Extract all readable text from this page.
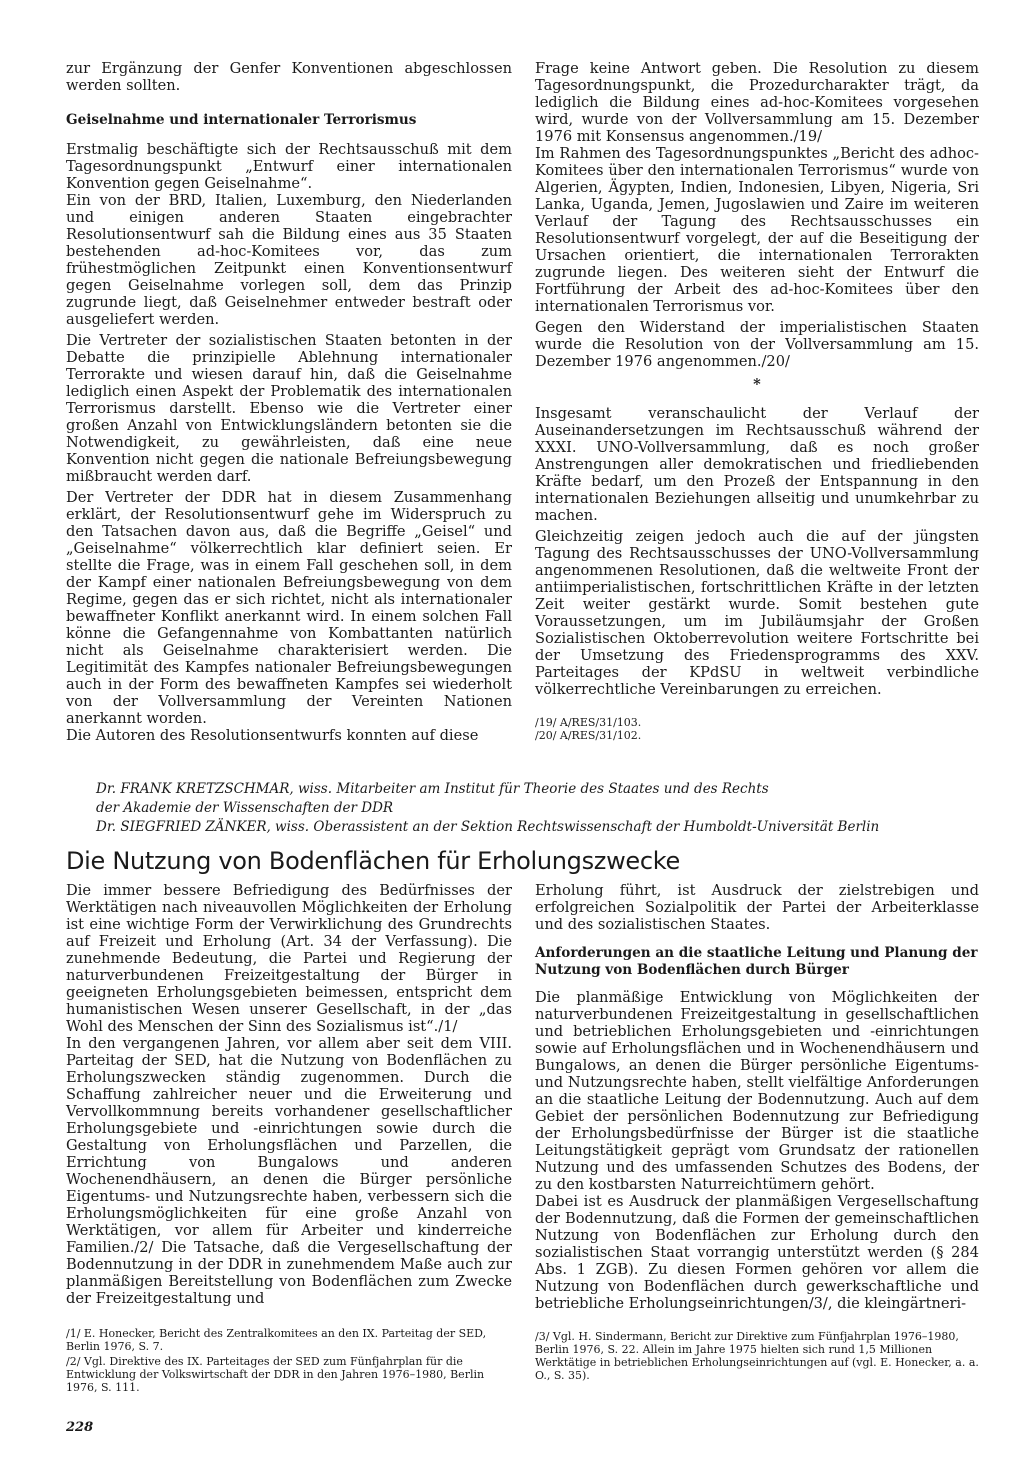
zur Ergänzung der Genfer Konventionen abgeschlossen werden sollten.

Geiselnahme und internationaler Terrorismus

Erstmalig beschäftigte sich der Rechtsausschuß mit dem Tagesordnungspunkt „Entwurf einer internationalen Konvention gegen Geiselnahme“.

Ein von der BRD, Italien, Luxemburg, den Niederlanden und einigen anderen Staaten eingebrachter Resolutionsentwurf sah die Bildung eines aus 35 Staaten bestehenden ad-hoc-Komitees vor, das zum frühestmöglichen Zeitpunkt einen Konventionsentwurf gegen Geiselnahme vorlegen soll, dem das Prinzip zugrunde liegt, daß Geiselnehmer entweder bestraft oder ausgeliefert werden.

Die Vertreter der sozialistischen Staaten betonten in der Debatte die prinzipielle Ablehnung internationaler Terrorakte und wiesen darauf hin, daß die Geiselnahme lediglich einen Aspekt der Problematik des internationalen Terrorismus darstellt. Ebenso wie die Vertreter einer großen Anzahl von Entwicklungsländern betonten sie die Notwendigkeit, zu gewährleisten, daß eine neue Konvention nicht gegen die nationale Befreiungsbewegung mißbraucht werden darf.

Der Vertreter der DDR hat in diesem Zusammenhang erklärt, der Resolutionsentwurf gehe im Widerspruch zu den Tatsachen davon aus, daß die Begriffe „Geisel“ und „Geiselnahme“ völkerrechtlich klar definiert seien. Er stellte die Frage, was in einem Fall geschehen soll, in dem der Kampf einer nationalen Befreiungsbewegung von dem Regime, gegen das er sich richtet, nicht als internationaler bewaffneter Konflikt anerkannt wird. In einem solchen Fall könne die Gefangennahme von Kombattanten natürlich nicht als Geiselnahme charakterisiert werden. Die Legitimität des Kampfes nationaler Befreiungsbewegungen auch in der Form des bewaffneten Kampfes sei wiederholt von der Vollversammlung der Vereinten Nationen anerkannt worden.

Die Autoren des Resolutionsentwurfs konnten auf diese

Frage keine Antwort geben. Die Resolution zu diesem Tagesordnungspunkt, die Prozedurcharakter trägt, da lediglich die Bildung eines ad-hoc-Komitees vorgesehen wird, wurde von der Vollversammlung am 15. Dezember 1976 mit Konsensus angenommen./19/

Im Rahmen des Tagesordnungspunktes „Bericht des adhoc-Komitees über den internationalen Terrorismus“ wurde von Algerien, Ägypten, Indien, Indonesien, Libyen, Nigeria, Sri Lanka, Uganda, Jemen, Jugoslawien und Zaire im weiteren Verlauf der Tagung des Rechtsausschusses ein Resolutionsentwurf vorgelegt, der auf die Beseitigung der Ursachen orientiert, die internationalen Terrorakten zugrunde liegen. Des weiteren sieht der Entwurf die Fortführung der Arbeit des ad-hoc-Komitees über den internationalen Terrorismus vor.

Gegen den Widerstand der imperialistischen Staaten wurde die Resolution von der Vollversammlung am 15. Dezember 1976 angenommen./20/

*

Insgesamt veranschaulicht der Verlauf der Auseinandersetzungen im Rechtsausschuß während der XXXI. UNO-Vollversammlung, daß es noch großer Anstrengungen aller demokratischen und friedliebenden Kräfte bedarf, um den Prozeß der Entspannung in den internationalen Beziehungen allseitig und unumkehrbar zu machen.

Gleichzeitig zeigen jedoch auch die auf der jüngsten Tagung des Rechtsausschusses der UNO-Vollversammlung angenommenen Resolutionen, daß die weltweite Front der antiimperialistischen, fortschrittlichen Kräfte in der letzten Zeit weiter gestärkt wurde. Somit bestehen gute Voraussetzungen, um im Jubiläumsjahr der Großen Sozialistischen Oktoberrevolution weitere Fortschritte bei der Umsetzung des Friedensprogramms des XXV. Parteitages der KPdSU in weltweit verbindliche völkerrechtliche Vereinbarungen zu erreichen.

/19/ A/RES/31/103.
/20/ A/RES/31/102.
Dr. FRANK KRETZSCHMAR, wiss. Mitarbeiter am Institut für Theorie des Staates und des Rechts
der Akademie der Wissenschaften der DDR
Dr. SIEGFRIED ZÄNKER, wiss. Oberassistent an der Sektion Rechtswissenschaft der Humboldt-Universität Berlin
Die Nutzung von Bodenflächen für Erholungszwecke

Die immer bessere Befriedigung des Bedürfnisses der Werktätigen nach niveauvollen Möglichkeiten der Erholung ist eine wichtige Form der Verwirklichung des Grundrechts auf Freizeit und Erholung (Art. 34 der Verfassung). Die zunehmende Bedeutung, die Partei und Regierung der naturverbundenen Freizeitgestaltung der Bürger in geeigneten Erholungsgebieten beimessen, entspricht dem humanistischen Wesen unserer Gesellschaft, in der „das Wohl des Menschen der Sinn des Sozialismus ist“./1/

In den vergangenen Jahren, vor allem aber seit dem VIII. Parteitag der SED, hat die Nutzung von Bodenflächen zu Erholungszwecken ständig zugenommen. Durch die Schaffung zahlreicher neuer und die Erweiterung und Vervollkommnung bereits vorhandener gesellschaftlicher Erholungsgebiete und -einrichtungen sowie durch die Gestaltung von Erholungsflächen und Parzellen, die Errichtung von Bungalows und anderen Wochenendhäusern, an denen die Bürger persönliche Eigentums- und Nutzungsrechte haben, verbessern sich die Erholungsmöglichkeiten für eine große Anzahl von Werktätigen, vor allem für Arbeiter und kinderreiche Familien./2/ Die Tatsache, daß die Vergesellschaftung der Bodennutzung in der DDR in zunehmendem Maße auch zur planmäßigen Bereitstellung von Bodenflächen zum Zwecke der Freizeitgestaltung und

/1/ E. Honecker, Bericht des Zentralkomitees an den IX. Parteitag der SED, Berlin 1976, S. 7.
/2/ Vgl. Direktive des IX. Parteitages der SED zum Fünfjahrplan für die Entwicklung der Volkswirtschaft der DDR in den Jahren 1976–1980, Berlin 1976, S. 111.

Erholung führt, ist Ausdruck der zielstrebigen und erfolgreichen Sozialpolitik der Partei der Arbeiterklasse und des sozialistischen Staates.

Anforderungen an die staatliche Leitung und Planung der Nutzung von Bodenflächen durch Bürger

Die planmäßige Entwicklung von Möglichkeiten der naturverbundenen Freizeitgestaltung in gesellschaftlichen und betrieblichen Erholungsgebieten und -einrichtungen sowie auf Erholungsflächen und in Wochenendhäusern und Bungalows, an denen die Bürger persönliche Eigentums- und Nutzungsrechte haben, stellt vielfältige Anforderungen an die staatliche Leitung der Bodennutzung. Auch auf dem Gebiet der persönlichen Bodennutzung zur Befriedigung der Erholungsbedürfnisse der Bürger ist die staatliche Leitungstätigkeit geprägt vom Grundsatz der rationellen Nutzung und des umfassenden Schutzes des Bodens, der zu den kostbarsten Naturreichtümern gehört.

Dabei ist es Ausdruck der planmäßigen Vergesellschaftung der Bodennutzung, daß die Formen der gemeinschaftlichen Nutzung von Bodenflächen zur Erholung durch den sozialistischen Staat vorrangig unterstützt werden (§ 284 Abs. 1 ZGB). Zu diesen Formen gehören vor allem die Nutzung von Bodenflächen durch gewerkschaftliche und betriebliche Erholungseinrichtungen/3/, die kleingärtneri-

/3/ Vgl. H. Sindermann, Bericht zur Direktive zum Fünfjahrplan 1976–1980, Berlin 1976, S. 22. Allein im Jahre 1975 hielten sich rund 1,5 Millionen Werktätige in betrieblichen Erholungseinrichtungen auf (vgl. E. Honecker, a. a. O., S. 35).
228
